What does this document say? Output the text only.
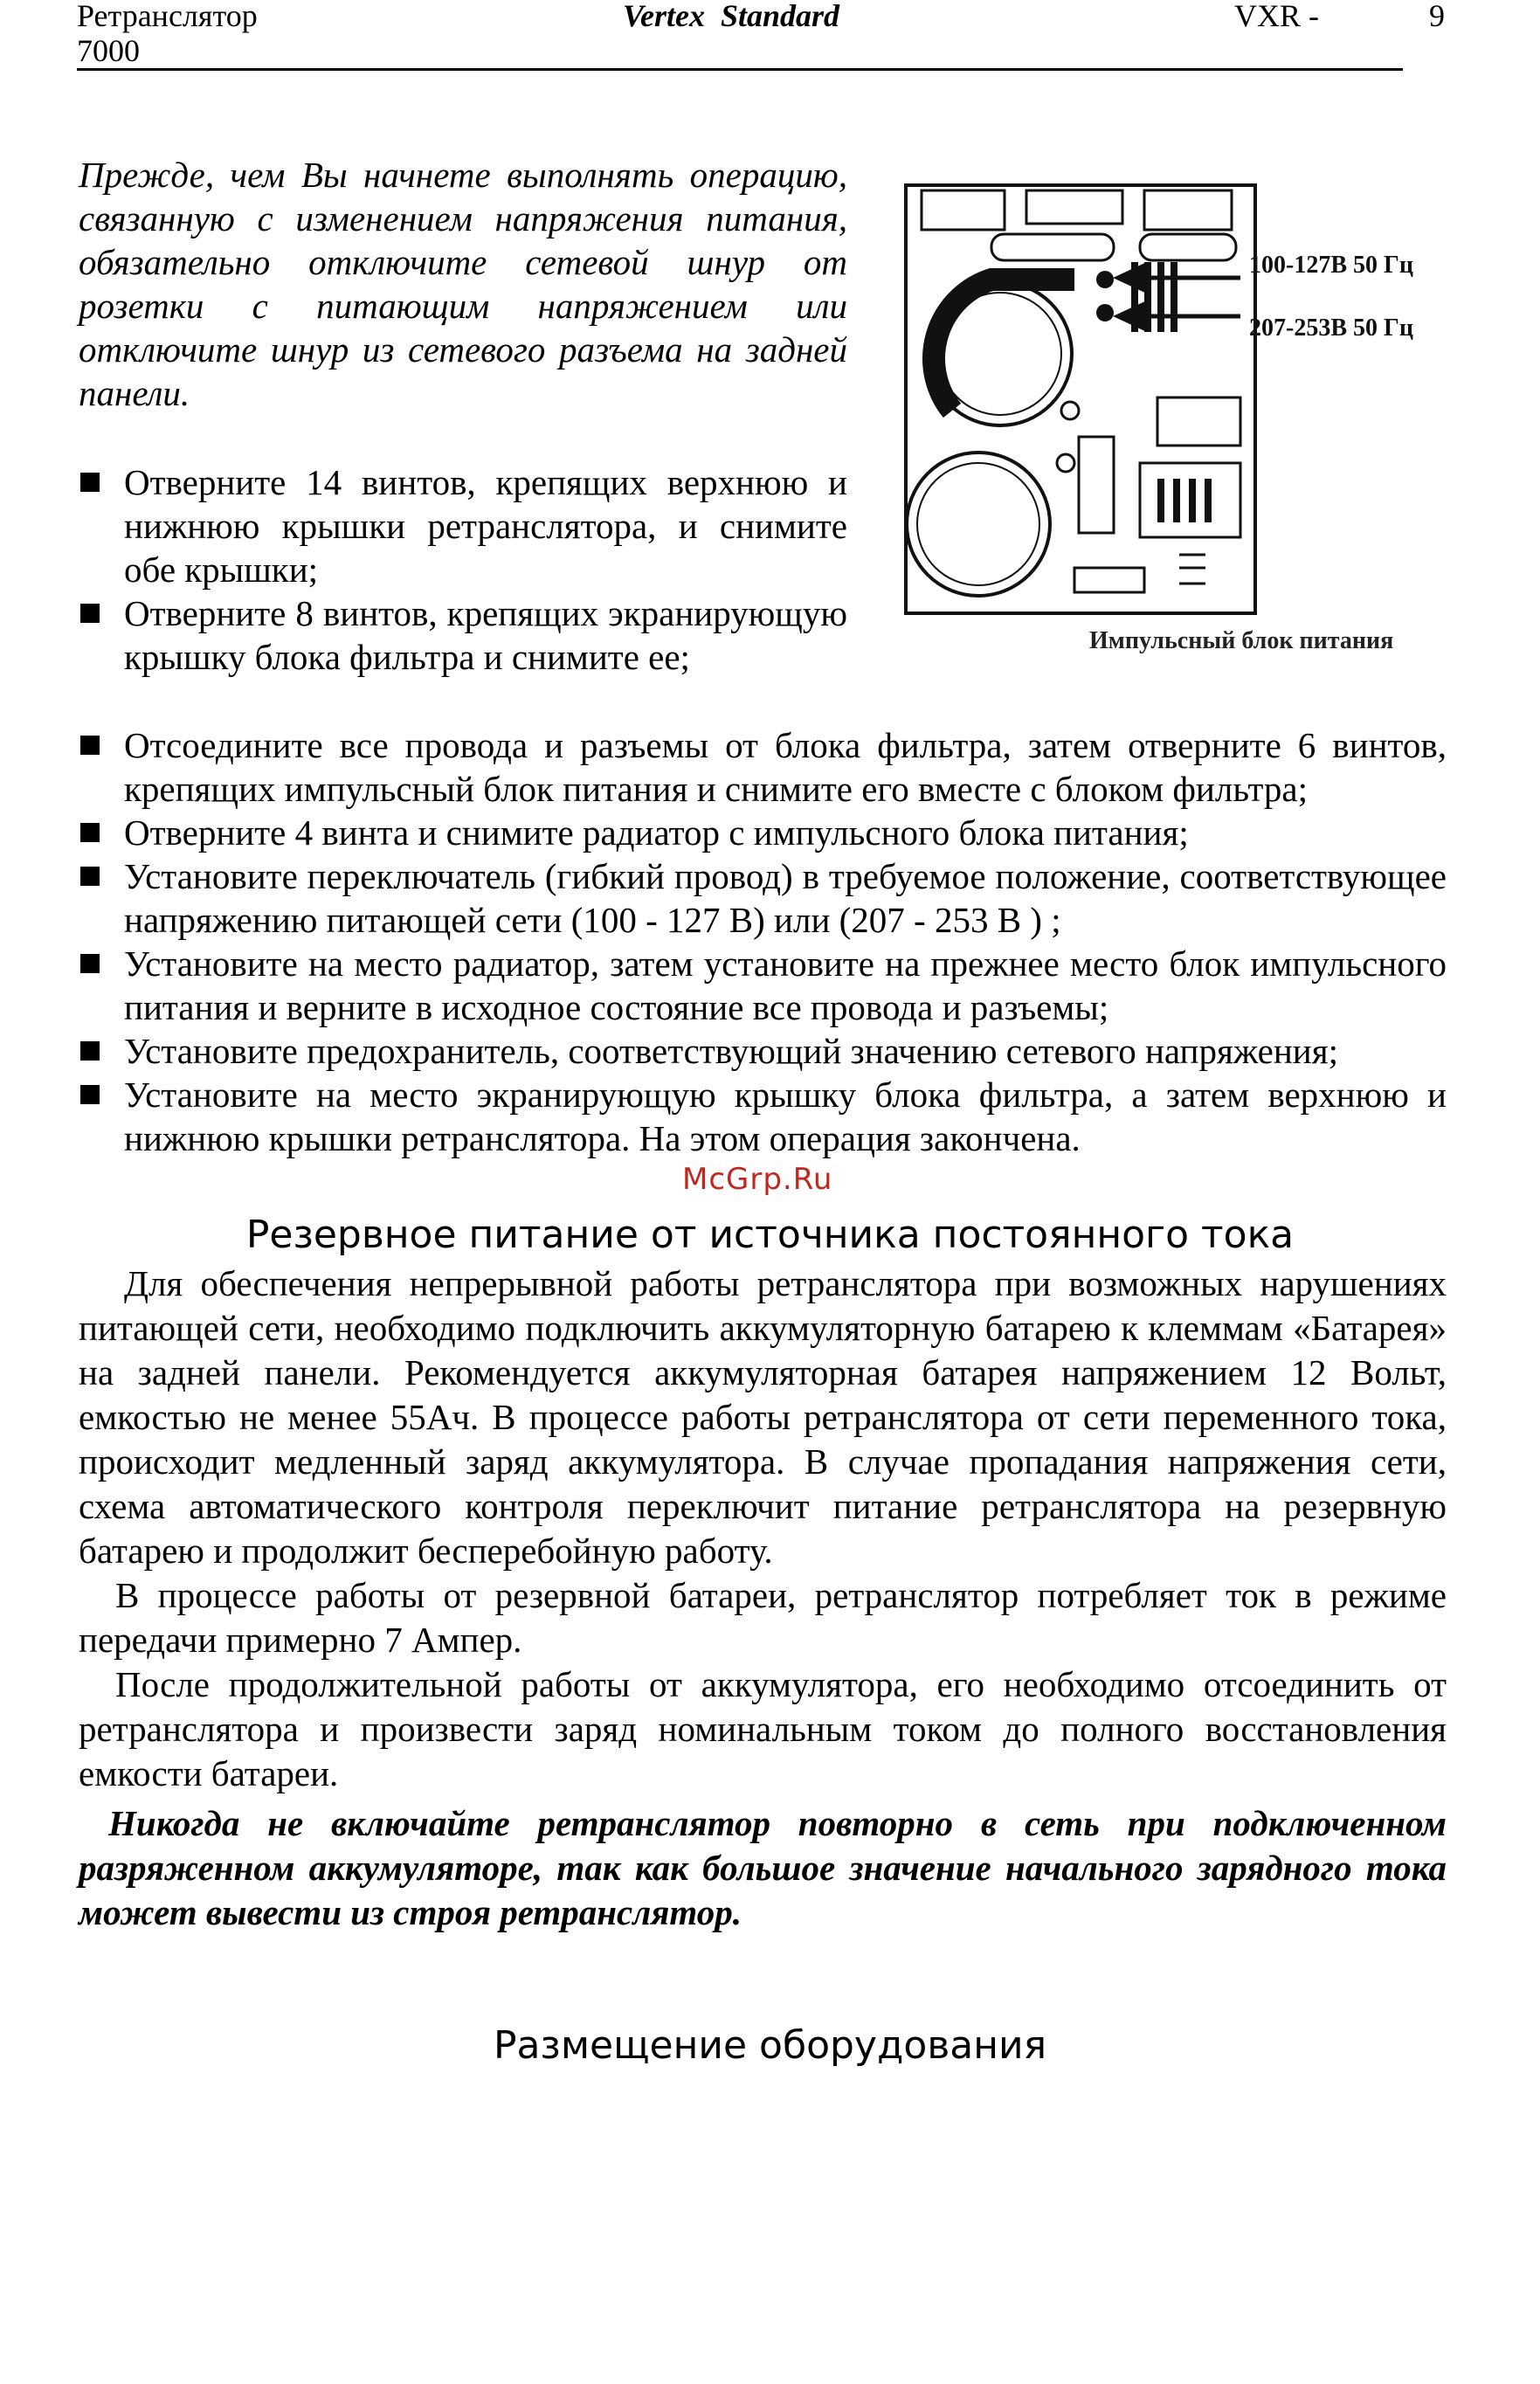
Ретранслятор
7000
Vertex  Standard	VXR -	9
Прежде, чем Вы начнете выполнять операцию, связанную с изменением напряжения питания, обязательно отключите сетевой шнур от розетки с питающим напряжением или отключите шнур из сетевого разъема на задней панели.
100-127В 50 Гц
207-253В 50 Гц
Импульсный блок питания
Отверните 14 винтов, крепящих верхнюю и нижнюю крышки ретранслятора, и снимите обе крышки;
Отверните 8 винтов, крепящих экранирующую крышку блока фильтра и снимите ее;
Отсоедините все провода и разъемы от блока фильтра, затем отверните 6 винтов, крепящих импульсный блок питания и снимите его вместе с блоком фильтра;
Отверните 4 винта и снимите радиатор с импульсного блока питания;
Установите переключатель (гибкий провод) в требуемое положение, соответствующее напряжению питающей сети (100 - 127 В) или (207 - 253 В ) ;
Установите на место радиатор, затем установите на прежнее место блок импульсного питания и верните в исходное состояние все провода и разъемы;
Установите предохранитель, соответствующий значению сетевого напряжения;
Установите на место экранирующую крышку блока фильтра, а затем верхнюю и нижнюю крышки ретранслятора. На этом операция закончена.
McGrp.Ru
Резервное питание от источника постоянного тока
Для обеспечения непрерывной работы ретранслятора при возможных нарушениях питающей сети, необходимо подключить аккумуляторную батарею к клеммам «Батарея» на задней панели. Рекомендуется аккумуляторная батарея напряжением 12 Вольт, емкостью не менее 55Ач. В процессе работы ретранслятора от сети переменного тока, происходит медленный заряд аккумулятора. В случае пропадания напряжения сети, схема автоматического контроля переключит питание ретранслятора на резервную батарею и продолжит бесперебойную работу.
В процессе работы от резервной батареи, ретранслятор потребляет ток в режиме передачи примерно 7 Ампер.
После продолжительной работы от аккумулятора, его необходимо отсоединить от ретранслятора и произвести заряд номинальным током до полного восстановления емкости батареи.
Никогда не включайте ретранслятор повторно в сеть при подключенном разряженном аккумуляторе, так как большое значение начального зарядного тока может вывести из строя ретранслятор.
Размещение оборудования
